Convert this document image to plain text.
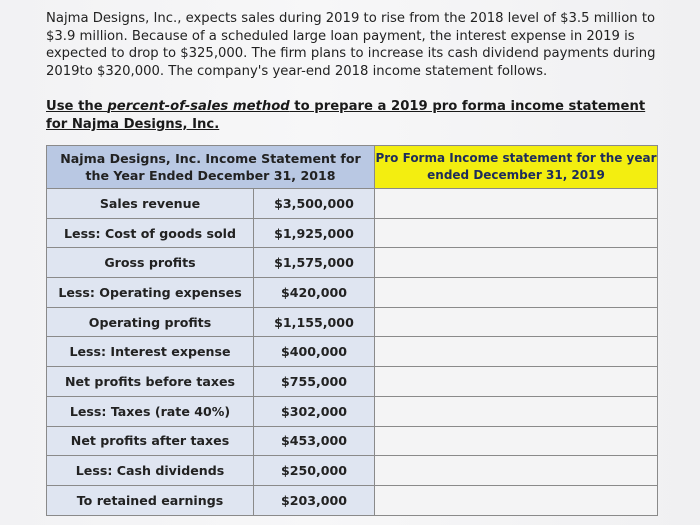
Najma Designs, Inc., expects sales during 2019 to rise from the 2018 level of $3.5 million to $3.9 million. Because of a scheduled large loan payment, the interest expense in 2019 is expected to drop to $325,000. The firm plans to increase its cash dividend payments during 2019to $320,000. The company's year-end 2018 income statement follows.

Use the percent-of-sales method to prepare a 2019 pro forma income statement for Najma Designs, Inc.
Najma Designs, Inc. Income Statement for the Year Ended December 31, 2018		Pro Forma Income statement for the year ended December 31, 2019
Sales revenue	$3,500,000	
Less: Cost of goods sold	$1,925,000	
Gross profits	$1,575,000	
Less: Operating expenses	$420,000	
Operating profits	$1,155,000	
Less: Interest expense	$400,000	
Net profits before taxes	$755,000	
Less: Taxes (rate 40%)	$302,000	
Net profits after taxes	$453,000	
Less: Cash dividends	$250,000	
To retained earnings	$203,000	
